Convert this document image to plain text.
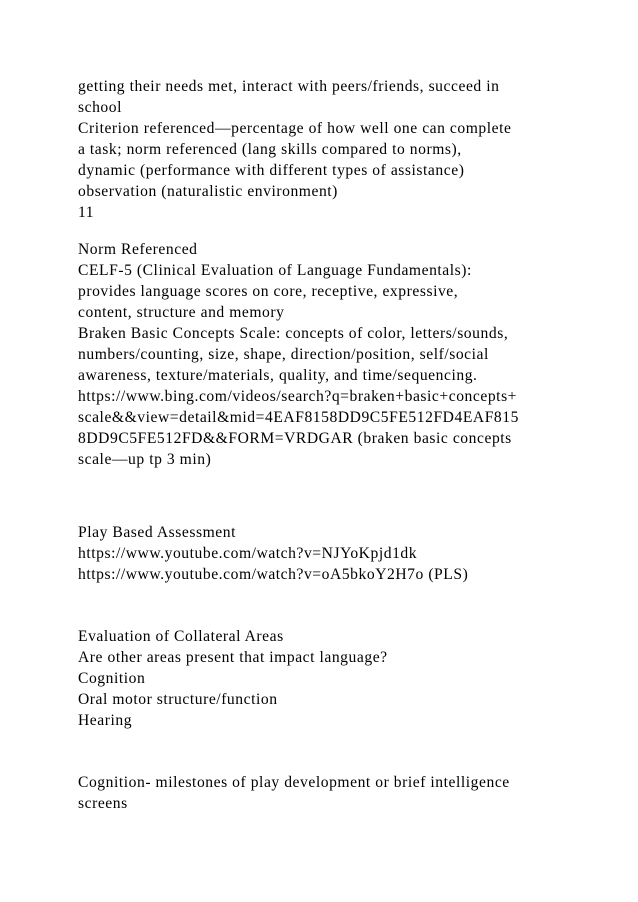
getting their needs met, interact with peers/friends, succeed in

school

Criterion referenced—percentage of how well one can complete

a task; norm referenced (lang skills compared to norms),

dynamic (performance with different types of assistance)

observation (naturalistic environment)

11

Norm Referenced

CELF-5 (Clinical Evaluation of Language Fundamentals):

provides language scores on core, receptive, expressive,

content, structure and memory

Braken Basic Concepts Scale: concepts of color, letters/sounds,

numbers/counting, size, shape, direction/position, self/social

awareness, texture/materials, quality, and time/sequencing.

https://www.bing.com/videos/search?q=braken+basic+concepts+

scale&&view=detail&mid=4EAF8158DD9C5FE512FD4EAF815

8DD9C5FE512FD&&FORM=VRDGAR (braken basic concepts

scale—up tp 3 min)

Play Based Assessment

https://www.youtube.com/watch?v=NJYoKpjd1dk

https://www.youtube.com/watch?v=oA5bkoY2H7o (PLS)

Evaluation of Collateral Areas

Are other areas present that impact language?

Cognition

Oral motor structure/function

Hearing

Cognition- milestones of play development or brief intelligence

screens
